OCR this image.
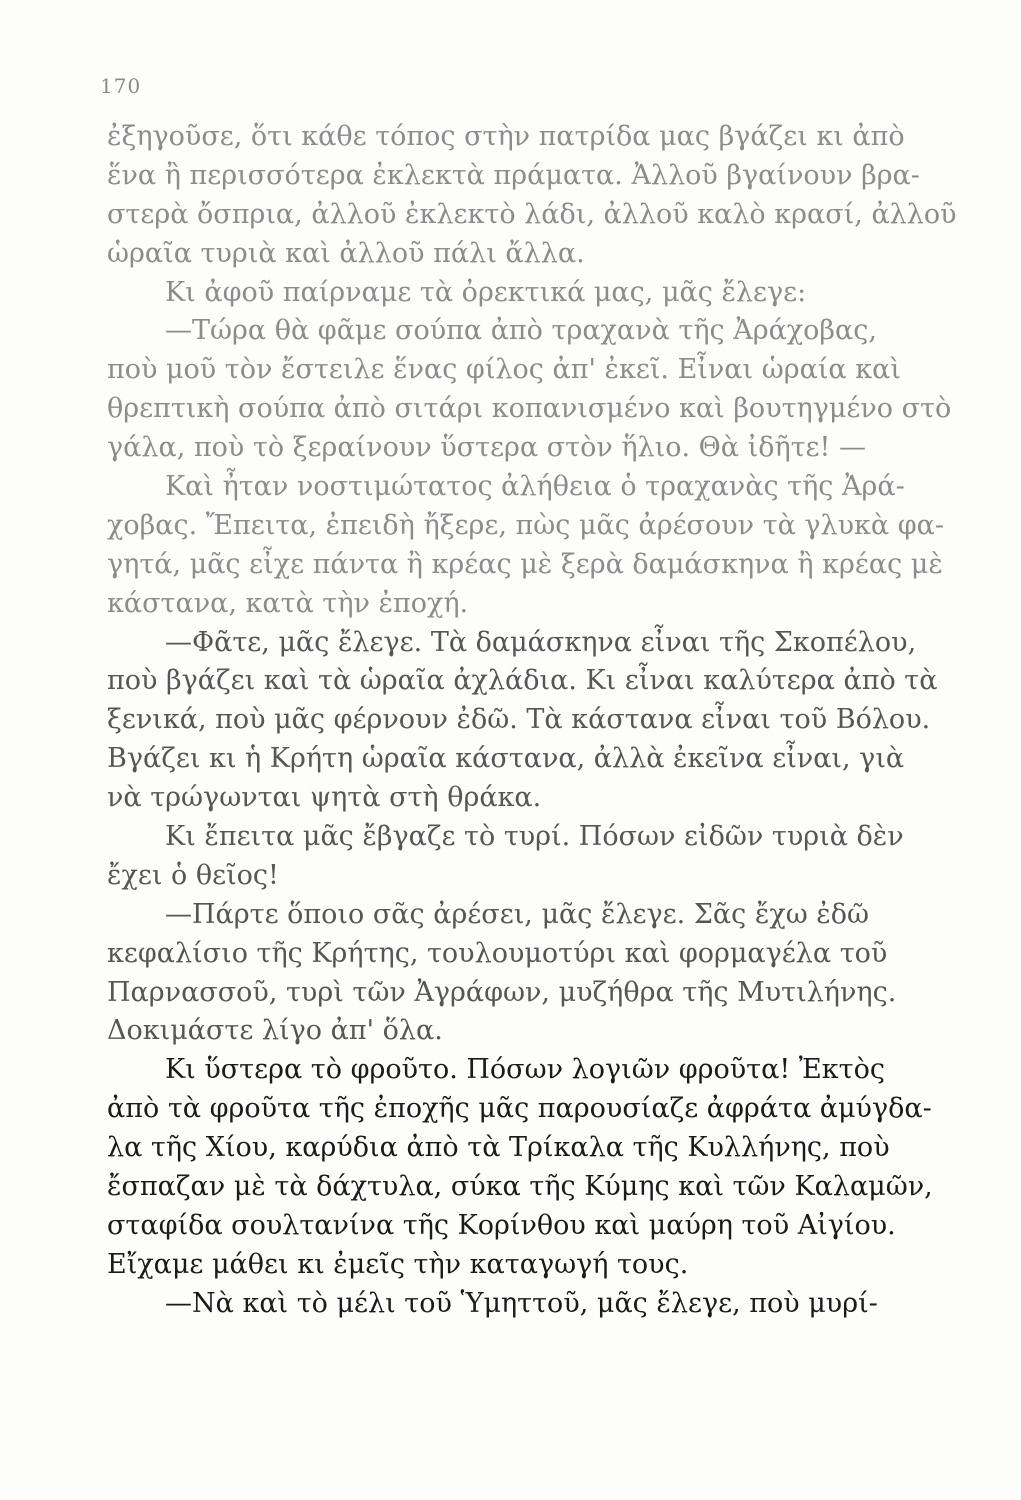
170
ἐξηγοῦσε, ὅτι κάθε τόπος στὴν πατρίδα μας βγάζει κι ἀπὸ
ἕνα ἢ περισσότερα ἐκλεκτὰ πράματα. Ἀλλοῦ βγαίνουν βρα-
στερὰ ὄσπρια, ἀλλοῦ ἐκλεκτὸ λάδι, ἀλλοῦ καλὸ κρασί, ἀλλοῦ
ὡραῖα τυριὰ καὶ ἀλλοῦ πάλι ἄλλα.
Κι ἀφοῦ παίρναμε τὰ ὀρεκτικά μας, μᾶς ἔλεγε:
—Τώρα θὰ φᾶμε σούπα ἀπὸ τραχανὰ τῆς Ἀράχοβας,
ποὺ μοῦ τὸν ἔστειλε ἕνας φίλος ἀπ' ἐκεῖ. Εἶναι ὡραία καὶ
θρεπτικὴ σούπα ἀπὸ σιτάρι κοπανισμένο καὶ βουτηγμένο στὸ
γάλα, ποὺ τὸ ξεραίνουν ὕστερα στὸν ἥλιο. Θὰ ἰδῆτε! —
Καὶ ἦταν νοστιμώτατος ἀλήθεια ὁ τραχανὰς τῆς Ἀρά-
χοβας. Ἔπειτα, ἐπειδὴ ἤξερε, πὼς μᾶς ἀρέσουν τὰ γλυκὰ φα-
γητά, μᾶς εἶχε πάντα ἢ κρέας μὲ ξερὰ δαμάσκηνα ἢ κρέας μὲ
κάστανα, κατὰ τὴν ἐποχή.
—Φᾶτε, μᾶς ἔλεγε. Τὰ δαμάσκηνα εἶναι τῆς Σκοπέλου,
ποὺ βγάζει καὶ τὰ ὡραῖα ἀχλάδια. Κι εἶναι καλύτερα ἀπὸ τὰ
ξενικά, ποὺ μᾶς φέρνουν ἐδῶ. Τὰ κάστανα εἶναι τοῦ Βόλου.
Βγάζει κι ἡ Κρήτη ὡραῖα κάστανα, ἀλλὰ ἐκεῖνα εἶναι, γιὰ
νὰ τρώγωνται ψητὰ στὴ θράκα.
Κι ἔπειτα μᾶς ἔβγαζε τὸ τυρί. Πόσων εἰδῶν τυριὰ δὲν
ἔχει ὁ θεῖος!
—Πάρτε ὅποιο σᾶς ἀρέσει, μᾶς ἔλεγε. Σᾶς ἔχω ἐδῶ
κεφαλίσιο τῆς Κρήτης, τουλουμοτύρι καὶ φορμαγέλα τοῦ
Παρνασσοῦ, τυρὶ τῶν Ἀγράφων, μυζήθρα τῆς Μυτιλήνης.
Δοκιμάστε λίγο ἀπ' ὅλα.
Κι ὕστερα τὸ φροῦτο. Πόσων λογιῶν φροῦτα! Ἐκτὸς
ἀπὸ τὰ φροῦτα τῆς ἐποχῆς μᾶς παρουσίαζε ἀφράτα ἀμύγδα-
λα τῆς Χίου, καρύδια ἀπὸ τὰ Τρίκαλα τῆς Κυλλήνης, ποὺ
ἔσπαζαν μὲ τὰ δάχτυλα, σύκα τῆς Κύμης καὶ τῶν Καλαμῶν,
σταφίδα σουλτανίνα τῆς Κορίνθου καὶ μαύρη τοῦ Αἰγίου.
Εἴχαμε μάθει κι ἐμεῖς τὴν καταγωγή τους.
—Νὰ καὶ τὸ μέλι τοῦ Ὑμηττοῦ, μᾶς ἔλεγε, ποὺ μυρί-
